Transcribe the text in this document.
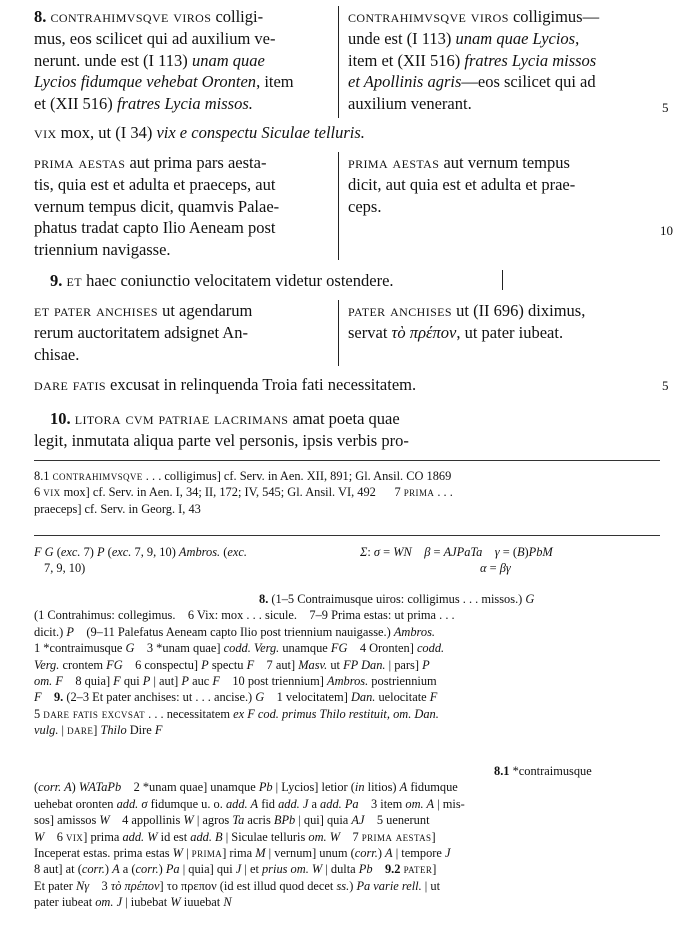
8. contrahimvsqve viros colligi-
mus, eos scilicet qui ad auxilium ve-
nerunt. unde est (I 113) unam quae
Lycios fidumque vehebat Oronten, item
et (XII 516) fratres Lycia missos.
contrahimvsqve viros colligimus—
unde est (I 113) unam quae Lycios,
item et (XII 516) fratres Lycia missos
et Apollinis agris—eos scilicet qui ad
auxilium venerant.	5
vix mox, ut (I 34) vix e conspectu Siculae telluris.
prima aestas aut prima pars aesta-
tis, quia est et adulta et praeceps, aut
vernum tempus dicit, quamvis Palae-
phatus tradat capto Ilio Aeneam post
triennium navigasse.
prima aestas aut vernum tempus
dicit, aut quia est et adulta et prae-
ceps.
10
9. et haec coniunctio velocitatem videtur ostendere.
et pater anchises ut agendarum
rerum auctoritatem adsignet An-
chisae.
pater anchises ut (II 696) diximus,
servat τὸ πρέπον, ut pater iubeat.
dare fatis excusat in relinquenda Troia fati necessitatem.	5
10. litora cvm patriae lacrimans amat poeta quae
legit, inmutata aliqua parte vel personis, ipsis verbis pro-
8.1 contrahimvsqve . . . colligimus] cf. Serv. in Aen. XII, 891; Gl. Ansil. CO 1869
6 vix mox] cf. Serv. in Aen. I, 34; II, 172; IV, 545; Gl. Ansil. VI, 492      7 prima . . .
praeceps] cf. Serv. in Georg. I, 43
F G (exc. 7) P (exc. 7, 9, 10) Ambros. (exc.
7, 9, 10)
Σ: σ = WN β = AJPaTa γ = (B)PbM
α = βγ
8. (1–5 Contraimusque uiros: colligimus . . . missos.) G
(1 Contrahimus: collegimus.    6 Vix: mox . . . sicule.    7–9 Prima estas: ut prima . . .
dicit.) P    (9–11 Palefatus Aeneam capto Ilio post triennium nauigasse.) Ambros.
1 *contraimusque G    3 *unam quae] codd. Verg. unamque FG    4 Oronten] codd.
Verg. crontem FG    6 conspectu] P spectu F    7 aut] Masv. ut FP Dan. | pars] P
om. F    8 quia] F qui P | aut] P auc F    10 post triennium] Ambros. postriennium
F 9. (2–3 Et pater anchises: ut . . . ancise.) G    1 velocitatem] Dan. uelocitate F
5 dare fatis excvsat . . . necessitatem ex F cod. primus Thilo restituit, om. Dan.
vulg. | dare] Thilo Dire F
8.1 *contraimusque
(corr. A) WATaPb    2 *unam quae] unamque Pb | Lycios] letior (in litios) A fidumque
uehebat oronten add. σ fidumque u. o. add. A fid add. J a add. Pa    3 item om. A | mis-
sos] amissos W    4 appollinis W | agros Ta acris BPb | qui] quia AJ    5 uenerunt
W    6 vix] prima add. W id est add. B | Siculae telluris om. W    7 prima aestas]
Inceperat estas. prima estas W | prima] rima M | vernum] unum (corr.) A | tempore J
8 aut] at (corr.) A a (corr.) Pa | quia] qui J | et prius om. W | dulta Pb 9.2 pater]
Et pater Nγ    3 τὸ πρέπον] το πρεπον (id est illud quod decet ss.) Pa varie rell. | ut
pater iubeat om. J | iubebat W iuuebat N
